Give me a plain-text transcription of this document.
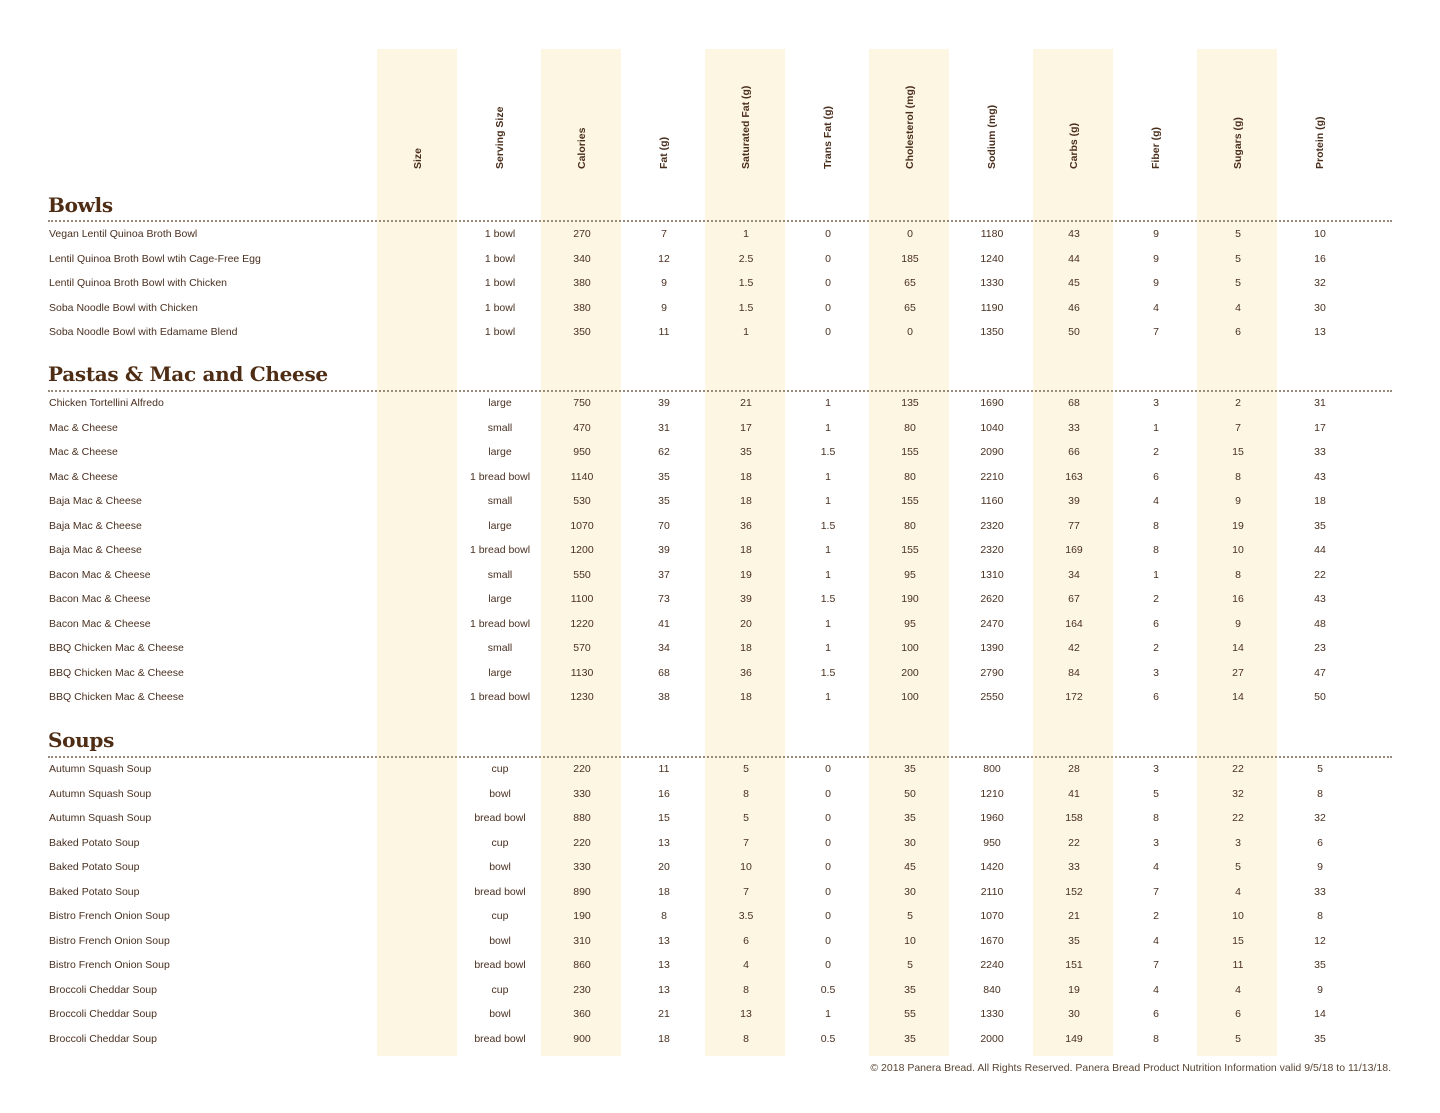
Size	Serving Size	Calories	Fat (g)	Saturated Fat (g)	Trans Fat (g)	Cholesterol (mg)	Sodium (mg)	Carbs (g)	Fiber (g)	Sugars (g)	Protein (g)
Bowls
Vegan Lentil Quinoa Broth Bowl	1 bowl	270	7	1	0	0	1180	43	9	5	10
Lentil Quinoa Broth Bowl wtih Cage-Free Egg	1 bowl	340	12	2.5	0	185	1240	44	9	5	16
Lentil Quinoa Broth Bowl with Chicken	1 bowl	380	9	1.5	0	65	1330	45	9	5	32
Soba Noodle Bowl with Chicken	1 bowl	380	9	1.5	0	65	1190	46	4	4	30
Soba Noodle Bowl with Edamame Blend	1 bowl	350	11	1	0	0	1350	50	7	6	13
Pastas & Mac and Cheese
Chicken Tortellini Alfredo	large	750	39	21	1	135	1690	68	3	2	31
Mac & Cheese	small	470	31	17	1	80	1040	33	1	7	17
Mac & Cheese	large	950	62	35	1.5	155	2090	66	2	15	33
Mac & Cheese	1 bread bowl	1140	35	18	1	80	2210	163	6	8	43
Baja Mac & Cheese	small	530	35	18	1	155	1160	39	4	9	18
Baja Mac & Cheese	large	1070	70	36	1.5	80	2320	77	8	19	35
Baja Mac & Cheese	1 bread bowl	1200	39	18	1	155	2320	169	8	10	44
Bacon Mac & Cheese	small	550	37	19	1	95	1310	34	1	8	22
Bacon Mac & Cheese	large	1100	73	39	1.5	190	2620	67	2	16	43
Bacon Mac & Cheese	1 bread bowl	1220	41	20	1	95	2470	164	6	9	48
BBQ Chicken Mac & Cheese	small	570	34	18	1	100	1390	42	2	14	23
BBQ Chicken Mac & Cheese	large	1130	68	36	1.5	200	2790	84	3	27	47
BBQ Chicken Mac & Cheese	1 bread bowl	1230	38	18	1	100	2550	172	6	14	50
Soups
Autumn Squash Soup	cup	220	11	5	0	35	800	28	3	22	5
Autumn Squash Soup	bowl	330	16	8	0	50	1210	41	5	32	8
Autumn Squash Soup	bread bowl	880	15	5	0	35	1960	158	8	22	32
Baked Potato Soup	cup	220	13	7	0	30	950	22	3	3	6
Baked Potato Soup	bowl	330	20	10	0	45	1420	33	4	5	9
Baked Potato Soup	bread bowl	890	18	7	0	30	2110	152	7	4	33
Bistro French Onion Soup	cup	190	8	3.5	0	5	1070	21	2	10	8
Bistro French Onion Soup	bowl	310	13	6	0	10	1670	35	4	15	12
Bistro French Onion Soup	bread bowl	860	13	4	0	5	2240	151	7	11	35
Broccoli Cheddar Soup	cup	230	13	8	0.5	35	840	19	4	4	9
Broccoli Cheddar Soup	bowl	360	21	13	1	55	1330	30	6	6	14
Broccoli Cheddar Soup	bread bowl	900	18	8	0.5	35	2000	149	8	5	35
© 2018 Panera Bread. All Rights Reserved. Panera Bread Product Nutrition Information valid 9/5/18 to 11/13/18.
